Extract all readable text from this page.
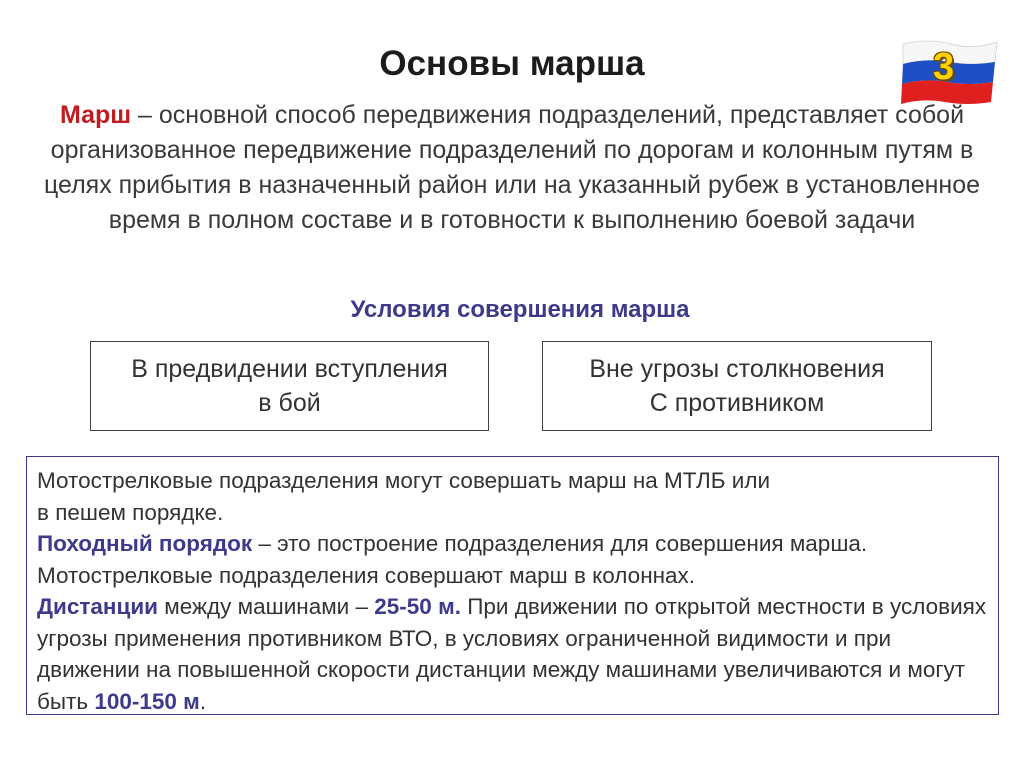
Основы марша	3
Марш – основной способ передвижения подразделений, представляет собой организованное передвижение подразделений по дорогам и колонным путям в целях прибытия в назначенный район или на указанный рубеж в установленное время в полном составе и в готовности к выполнению боевой задачи
Условия совершения марша
В предвидении вступления
в бой
Вне угрозы столкновения
С противником

Мотострелковые подразделения могут совершать марш на МТЛБ или

в пешем порядке.

Походный порядок – это построение подразделения для совершения марша.

Мотострелковые подразделения совершают марш в колоннах.

Дистанции между машинами – 25-50 м. При движении по открытой местности в условиях угрозы применения противником ВТО, в условиях ограниченной видимости и при движении на повышенной скорости дистанции между машинами увеличиваются и могут быть 100-150 м.
